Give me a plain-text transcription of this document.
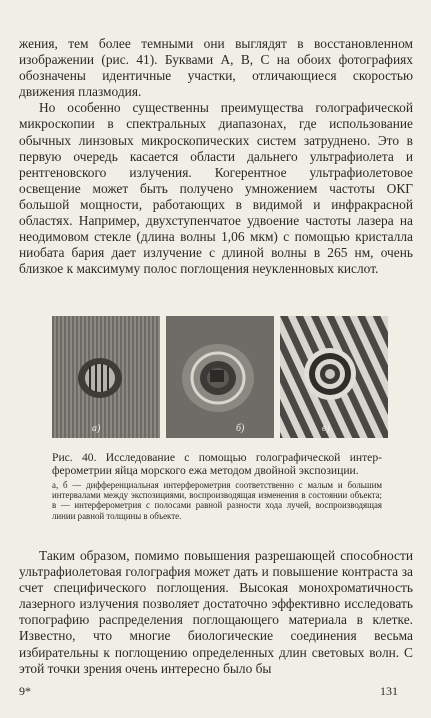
жения, тем более темными они выглядят в восстановленном изображении (рис. 41). Буквами А, В, С на обоих фотографиях обозначены идентичные участки, отличающиеся скоростью движения плазмодия.

Но особенно существенны преимущества голографической микроскопии в спектральных диапазонах, где использование обычных линзовых микроскопических систем затруднено. Это в первую очередь касается области дальнего ультрафиолета и рентгеновского излучения. Когерентное ультрафиолетовое освещение может быть получено умножением частоты ОКГ большой мощности, работающих в видимой и инфракрасной областях. Например, двухступенчатое удвоение частоты лазера на неодимовом стекле (длина волны 1,06 мкм) с помощью кристалла ниобата бария дает излучение с длиной волны в 265 нм, очень близкое к максимуму полос поглощения неукленновых кислот.

а)	б)	в)

Рис. 40. Исследование с помощью голографической интерферометрии яйца морского ежа методом двойной экспозиции.

а, б — дифференциальная интерферометрия соответственно с малым и большим интервалами между экспозициями, воспроизводящая изменения в состоянии объекта; в — интерферометрия с полосами равной разности хода лучей, воспроизводящая линии равной толщины в объекте.

Таким образом, помимо повышения разрешающей способности ультрафиолетовая голография может дать и повышение контраста за счет специфического поглощения. Высокая монохроматичность лазерного излучения позволяет достаточно эффективно исследовать топографию распределения поглощающего материала в клетке. Известно, что многие биологические соединения весьма избирательны к поглощению определенных длин световых волн. С этой точки зрения очень интересно было бы

9*	131
